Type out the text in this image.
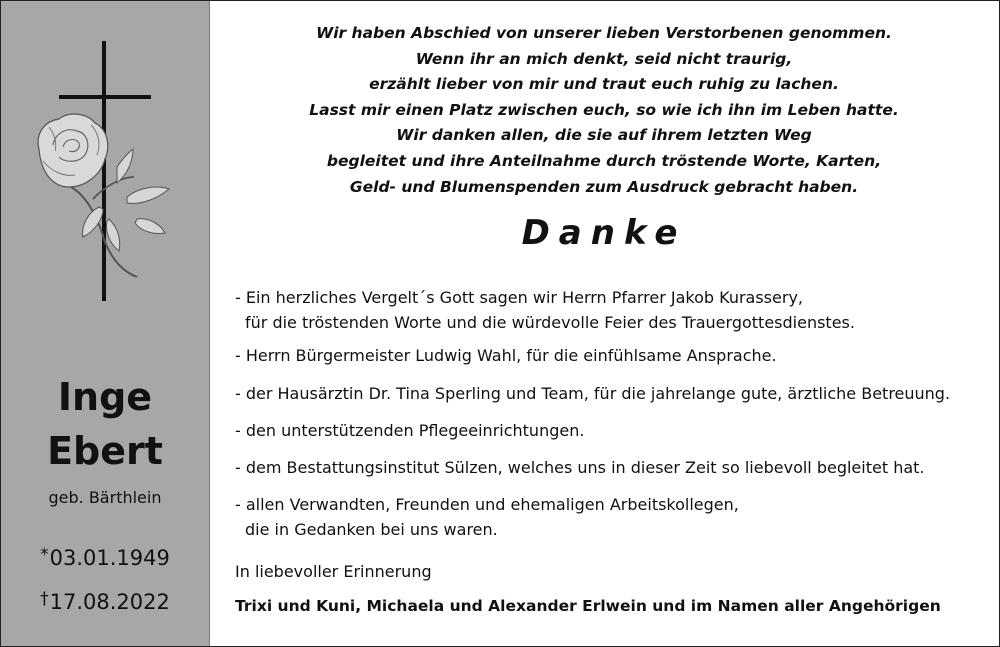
Inge
Ebert
geb. Bärthlein
*03.01.1949
†17.08.2022
Wir haben Abschied von unserer lieben Verstorbenen genommen.
Wenn ihr an mich denkt, seid nicht traurig,
erzählt lieber von mir und traut euch ruhig zu lachen.
Lasst mir einen Platz zwischen euch, so wie ich ihn im Leben hatte.
Wir danken allen, die sie auf ihrem letzten Weg
begleitet und ihre Anteilnahme durch tröstende Worte, Karten,
Geld- und Blumenspenden zum Ausdruck gebracht haben.
Danke
- Ein herzliches Vergelt´s Gott sagen wir Herrn Pfarrer Jakob Kurassery,
für die tröstenden Worte und die würdevolle Feier des Trauergottesdienstes.
- Herrn Bürgermeister Ludwig Wahl, für die einfühlsame Ansprache.
- der Hausärztin Dr. Tina Sperling und Team, für die jahrelange gute, ärztliche Betreuung.
- den unterstützenden Pflegeeinrichtungen.
- dem Bestattungsinstitut Sülzen, welches uns in dieser Zeit so liebevoll begleitet hat.
- allen Verwandten, Freunden und ehemaligen Arbeitskollegen,
die in Gedanken bei uns waren.
In liebevoller Erinnerung
Trixi und Kuni, Michaela und Alexander Erlwein und im Namen aller Angehörigen
